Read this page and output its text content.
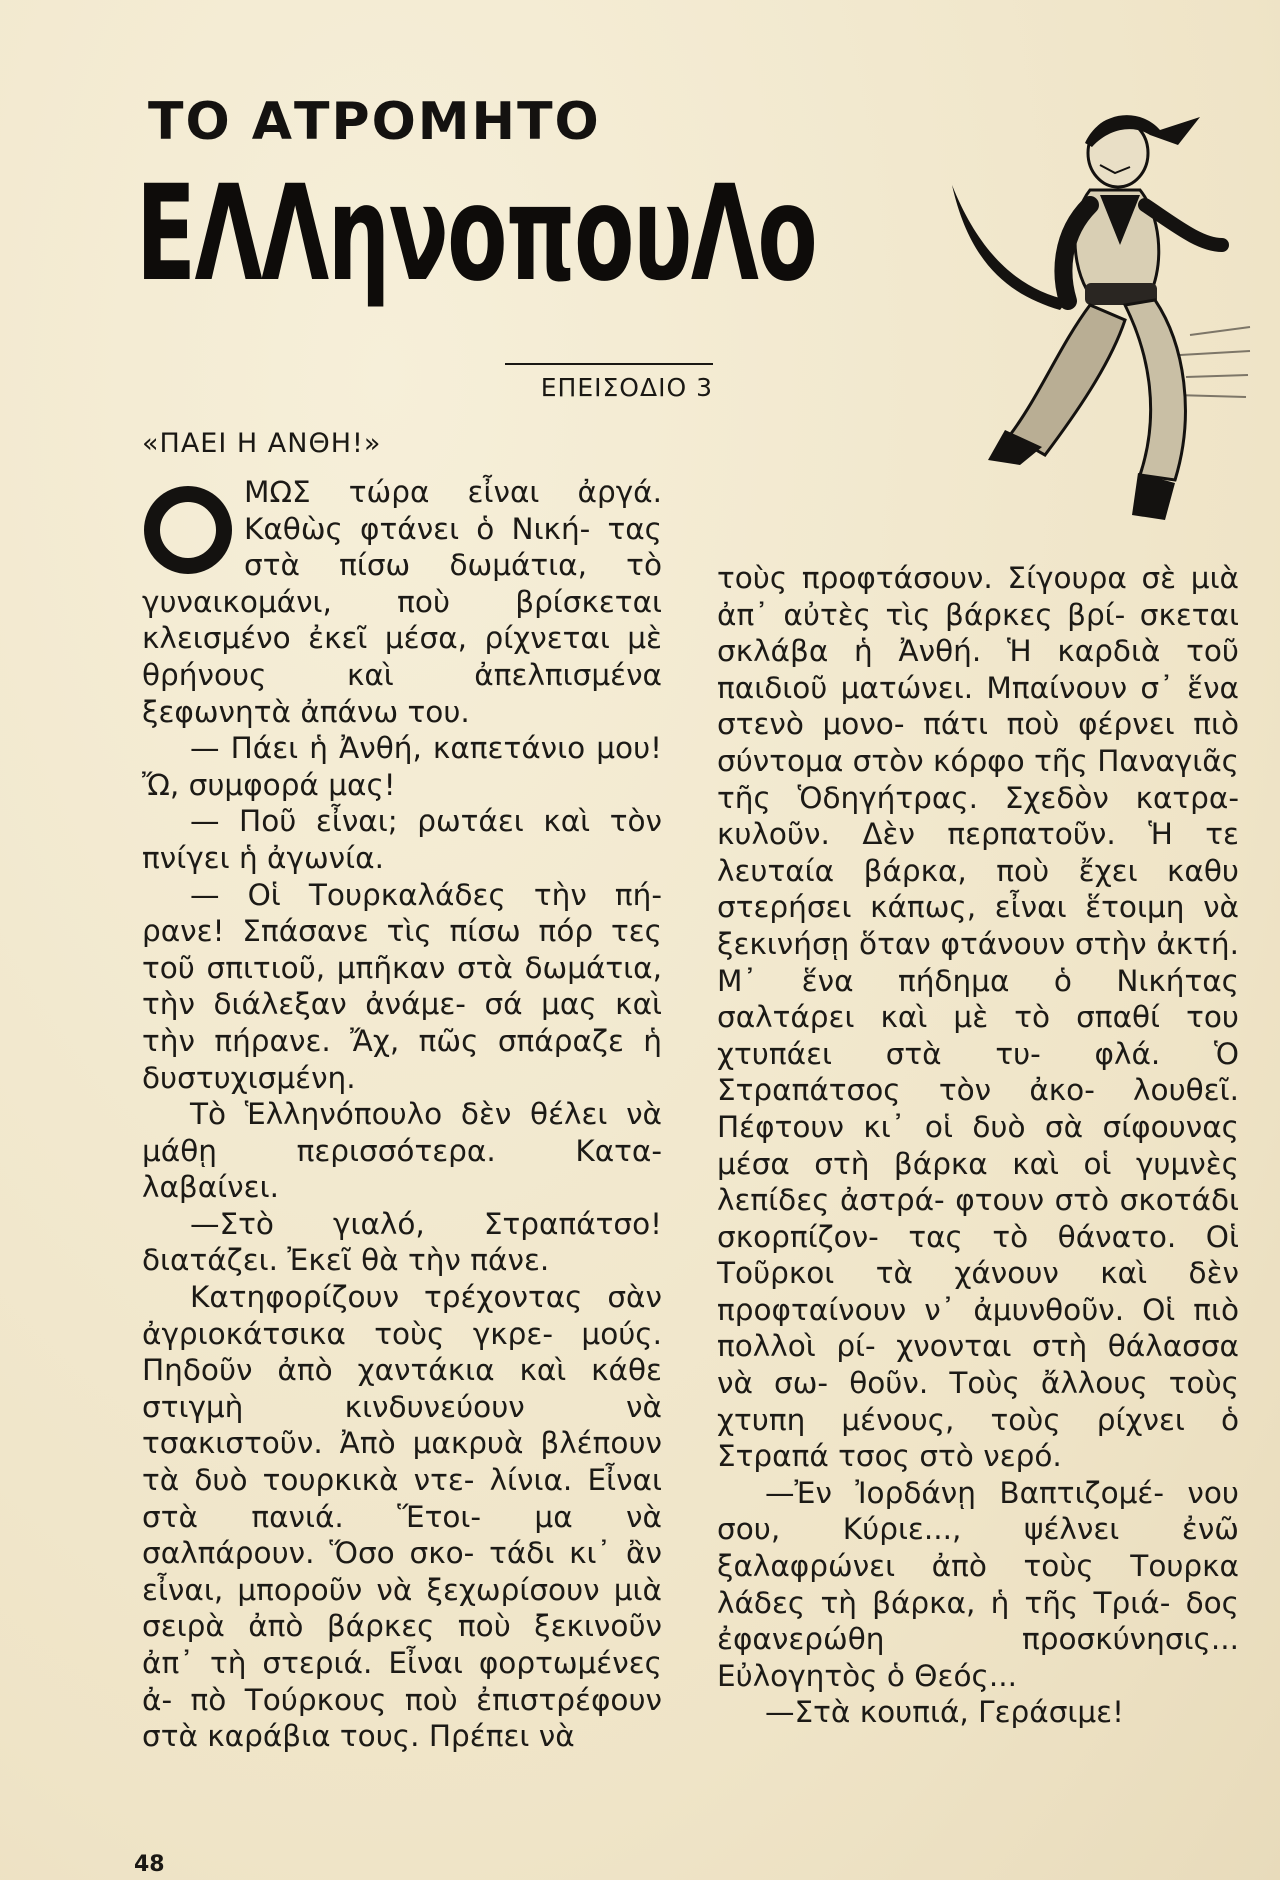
ΤΟ ΑΤΡΟΜΗΤΟ
ΕΛΛηνοπουΛο
ΕΠΕΙΣΟΔΙΟ 3
«ΠΑΕΙ Η ΑΝΘΗ!»

ΜΩΣ τώρα εἶναι ἀργά. Καθὼς φτάνει ὁ Νική- τας στὰ πίσω δωμάτια, τὸ γυναικομάνι, ποὺ βρίσκεται κλεισμένο ἐκεῖ μέσα, ρίχνεται μὲ θρήνους καὶ ἀπελπισμένα ξεφωνητὰ ἀπάνω του.

— Πάει ἡ Ἀνθή, καπετάνιο μου! Ὤ, συμφορά μας!

— Ποῦ εἶναι; ρωτάει καὶ τὸν πνίγει ἡ ἀγωνία.

— Οἱ Τουρκαλάδες τὴν πή- ρανε! Σπάσανε τὶς πίσω πόρ τες τοῦ σπιτιοῦ, μπῆκαν στὰ δωμάτια, τὴν διάλεξαν ἀνάμε- σά μας καὶ τὴν πήρανε. Ἄχ, πῶς σπάραζε ἡ δυστυχισμένη.

Τὸ Ἑλληνόπουλο δὲν θέλει νὰ μάθῃ περισσότερα. Κατα- λαβαίνει.

—Στὸ γιαλό, Στραπάτσο! διατάζει. Ἐκεῖ θὰ τὴν πάνε.

Κατηφορίζουν τρέχοντας σὰν ἀγριοκάτσικα τοὺς γκρε- μούς. Πηδοῦν ἀπὸ χαντάκια καὶ κάθε στιγμὴ κινδυνεύουν νὰ τσακιστοῦν. Ἀπὸ μακρυὰ βλέπουν τὰ δυὸ τουρκικὰ ντε- λίνια. Εἶναι στὰ πανιά. Ἕτοι- μα νὰ σαλπάρουν. Ὅσο σκο- τάδι κι᾽ ἂν εἶναι, μποροῦν νὰ ξεχωρίσουν μιὰ σειρὰ ἀπὸ βάρκες ποὺ ξεκινοῦν ἀπ᾽ τὴ στεριά. Εἶναι φορτωμένες ἀ- πὸ Τούρκους ποὺ ἐπιστρέφουν στὰ καράβια τους. Πρέπει νὰ

τοὺς προφτάσουν. Σίγουρα σὲ μιὰ ἀπ᾽ αὐτὲς τὶς βάρκες βρί- σκεται σκλάβα ἡ Ἀνθή. Ἡ καρδιὰ τοῦ παιδιοῦ ματώνει. Μπαίνουν σ᾽ ἕνα στενὸ μονο- πάτι ποὺ φέρνει πιὸ σύντομα στὸν κόρφο τῆς Παναγιᾶς τῆς Ὁδηγήτρας. Σχεδὸν κατρα- κυλοῦν. Δὲν περπατοῦν. Ἡ τε λευταία βάρκα, ποὺ ἔχει καθυ στερήσει κάπως, εἶναι ἕτοιμη νὰ ξεκινήσῃ ὅταν φτάνουν στὴν ἀκτή. Μ᾽ ἕνα πήδημα ὁ Νικήτας σαλτάρει καὶ μὲ τὸ σπαθί του χτυπάει στὰ τυ- φλά. Ὁ Στραπάτσος τὸν ἀκο- λουθεῖ. Πέφτουν κι᾽ οἱ δυὸ σὰ σίφουνας μέσα στὴ βάρκα καὶ οἱ γυμνὲς λεπίδες ἀστρά- φτουν στὸ σκοτάδι σκορπίζον- τας τὸ θάνατο. Οἱ Τοῦρκοι τὰ χάνουν καὶ δὲν προφταίνουν ν᾽ ἀμυνθοῦν. Οἱ πιὸ πολλοὶ ρί- χνονται στὴ θάλασσα νὰ σω- θοῦν. Τοὺς ἄλλους τοὺς χτυπη μένους, τοὺς ρίχνει ὁ Στραπά τσος στὸ νερό.

—Ἐν Ἰορδάνῃ Βαπτιζομέ- νου σου, Κύριε..., ψέλνει ἐνῶ ξαλαφρώνει ἀπὸ τοὺς Τουρκα λάδες τὴ βάρκα, ἡ τῆς Τριά- δος ἐφανερώθη προσκύνησις... Εὐλογητὸς ὁ Θεός...

—Στὰ κουπιά, Γεράσιμε!

48
